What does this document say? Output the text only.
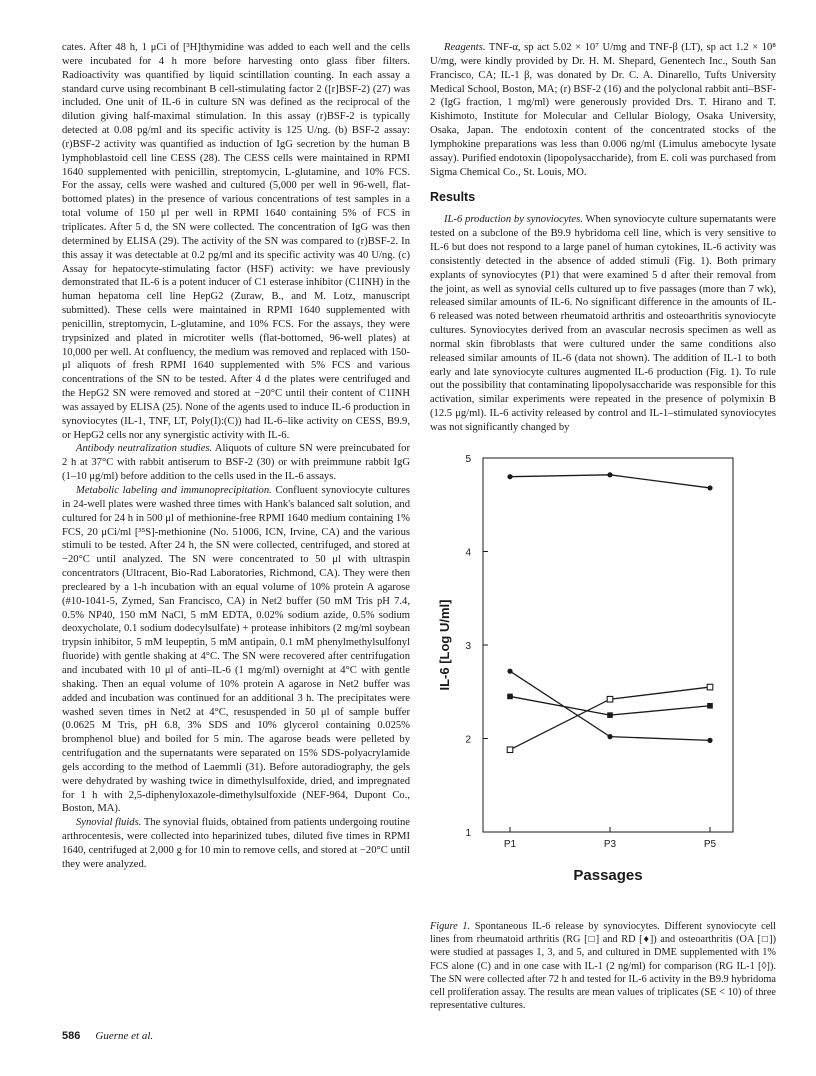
cates. After 48 h, 1 μCi of [³H]thymidine was added to each well and the cells were incubated for 4 h more before harvesting onto glass fiber filters. Radioactivity was quantified by liquid scintillation counting. In each assay a standard curve using recombinant B cell-stimulating factor 2 ([r]BSF-2) (27) was included. One unit of IL-6 in culture SN was defined as the reciprocal of the dilution giving half-maximal stimulation. In this assay (r)BSF-2 is typically detected at 0.08 pg/ml and its specific activity is 125 U/ng. (b) BSF-2 assay: (r)BSF-2 activity was quantified as induction of IgG secretion by the human B lymphoblastoid cell line CESS (28). The CESS cells were maintained in RPMI 1640 supplemented with penicillin, streptomycin, L-glutamine, and 10% FCS. For the assay, cells were washed and cultured (5,000 per well in 96-well, flat-bottomed plates) in the presence of various concentrations of test samples in a total volume of 150 μl per well in RPMI 1640 containing 5% of FCS in triplicates. After 5 d, the SN were collected. The concentration of IgG was then determined by ELISA (29). The activity of the SN was compared to (r)BSF-2. In this assay it was detectable at 0.2 pg/ml and its specific activity was 40 U/ng. (c) Assay for hepatocyte-stimulating factor (HSF) activity: we have previously demonstrated that IL-6 is a potent inducer of C1 esterase inhibitor (C1INH) in the human hepatoma cell line HepG2 (Zuraw, B., and M. Lotz, manuscript submitted). These cells were maintained in RPMI 1640 supplemented with penicillin, streptomycin, L-glutamine, and 10% FCS. For the assays, they were trypsinized and plated in microtiter wells (flat-bottomed, 96-well plates) at 10,000 per well. At confluency, the medium was removed and replaced with 150-μl aliquots of fresh RPMI 1640 supplemented with 5% FCS and various concentrations of the SN to be tested. After 4 d the plates were centrifuged and the HepG2 SN were removed and stored at −20°C until their content of C1INH was assayed by ELISA (25). None of the agents used to induce IL-6 production in synoviocytes (IL-1, TNF, LT, Poly(I):(C)) had IL-6–like activity on CESS, B9.9, or HepG2 cells nor any synergistic activity with IL-6.

Antibody neutralization studies. Aliquots of culture SN were preincubated for 2 h at 37°C with rabbit antiserum to BSF-2 (30) or with preimmune rabbit IgG (1–10 μg/ml) before addition to the cells used in the IL-6 assays.

Metabolic labeling and immunoprecipitation. Confluent synoviocyte cultures in 24-well plates were washed three times with Hank's balanced salt solution, and cultured for 24 h in 500 μl of methionine-free RPMI 1640 medium containing 1% FCS, 20 μCi/ml [³⁵S]-methionine (No. 51006, ICN, Irvine, CA) and the various stimuli to be tested. After 24 h, the SN were collected, centrifuged, and stored at −20°C until analyzed. The SN were concentrated to 50 μl with ultraspin concentrators (Ultracent, Bio-Rad Laboratories, Richmond, CA). They were then precleared by a 1-h incubation with an equal volume of 10% protein A agarose (#10-1041-5, Zymed, San Francisco, CA) in Net2 buffer (50 mM Tris pH 7.4, 0.5% NP40, 150 mM NaCl, 5 mM EDTA, 0.02% sodium azide, 0.5% sodium deoxycholate, 0.1 sodium dodecylsulfate) + protease inhibitors (2 mg/ml soybean trypsin inhibitor, 5 mM leupeptin, 5 mM antipain, 0.1 mM phenylmethylsulfonyl fluoride) with gentle shaking at 4°C. The SN were recovered after centrifugation and incubated with 10 μl of anti–IL-6 (1 mg/ml) overnight at 4°C with gentle shaking. Then an equal volume of 10% protein A agarose in Net2 buffer was added and incubation was continued for an additional 3 h. The precipitates were washed seven times in Net2 at 4°C, resuspended in 50 μl of sample buffer (0.0625 M Tris, pH 6.8, 3% SDS and 10% glycerol containing 0.025% bromphenol blue) and boiled for 5 min. The agarose beads were pelleted by centrifugation and the supernatants were separated on 15% SDS-polyacrylamide gels according to the method of Laemmli (31). Before autoradiography, the gels were dehydrated by washing twice in dimethylsulfoxide, dried, and impregnated for 1 h with 2,5-diphenyloxazole-dimethylsulfoxide (NEF-964, Dupont Co., Boston, MA).

Synovial fluids. The synovial fluids, obtained from patients undergoing routine arthrocentesis, were collected into heparinized tubes, diluted five times in RPMI 1640, centrifuged at 2,000 g for 10 min to remove cells, and stored at −20°C until they were analyzed.

Reagents. TNF-α, sp act 5.02 × 10⁷ U/mg and TNF-β (LT), sp act 1.2 × 10⁸ U/mg, were kindly provided by Dr. H. M. Shepard, Genentech Inc., South San Francisco, CA; IL-1 β, was donated by Dr. C. A. Dinarello, Tufts University Medical School, Boston, MA; (r) BSF-2 (16) and the polyclonal rabbit anti–BSF-2 (IgG fraction, 1 mg/ml) were generously provided Drs. T. Hirano and T. Kishimoto, Institute for Molecular and Cellular Biology, Osaka University, Osaka, Japan. The endotoxin content of the concentrated stocks of the lymphokine preparations was less than 0.006 ng/ml (Limulus amebocyte lysate assay). Purified endotoxin (lipopolysaccharide), from E. coli was purchased from Sigma Chemical Co., St. Louis, MO.

Results

IL-6 production by synoviocytes. When synoviocyte culture supernatants were tested on a subclone of the B9.9 hybridoma cell line, which is very sensitive to IL-6 but does not respond to a large panel of human cytokines, IL-6 activity was consistently detected in the absence of added stimuli (Fig. 1). Both primary explants of synoviocytes (P1) that were examined 5 d after their removal from the joint, as well as synovial cells cultured up to five passages (more than 7 wk), released similar amounts of IL-6. No significant difference in the amounts of IL-6 released was noted between rheumatoid arthritis and osteoarthritis synoviocyte cultures. Synoviocytes derived from an avascular necrosis specimen as well as normal skin fibroblasts that were cultured under the same conditions also released similar amounts of IL-6 (data not shown). The addition of IL-1 to both early and late synoviocyte cultures augmented IL-6 production (Fig. 1). To rule out the possibility that contaminating lipopolysaccharide was responsible for this activation, similar experiments were repeated in the presence of polymixin B (12.5 μg/ml). IL-6 activity released by control and IL-1–stimulated synoviocytes was not significantly changed by

1
2
3
4
5
P1	P3	P5
Passages
IL-6 [Log U/ml]
Figure 1. Spontaneous IL-6 release by synoviocytes. Different synoviocyte cell lines from rheumatoid arthritis (RG [□] and RD [♦]) and osteoarthritis (OA [□]) were studied at passages 1, 3, and 5, and cultured in DME supplemented with 1% FCS alone (C) and in one case with IL-1 (2 ng/ml) for comparison (RG IL-1 [◊]). The SN were collected after 72 h and tested for IL-6 activity in the B9.9 hybridoma cell proliferation assay. The results are mean values of triplicates (SE < 10) of three representative cultures.
586 Guerne et al.
